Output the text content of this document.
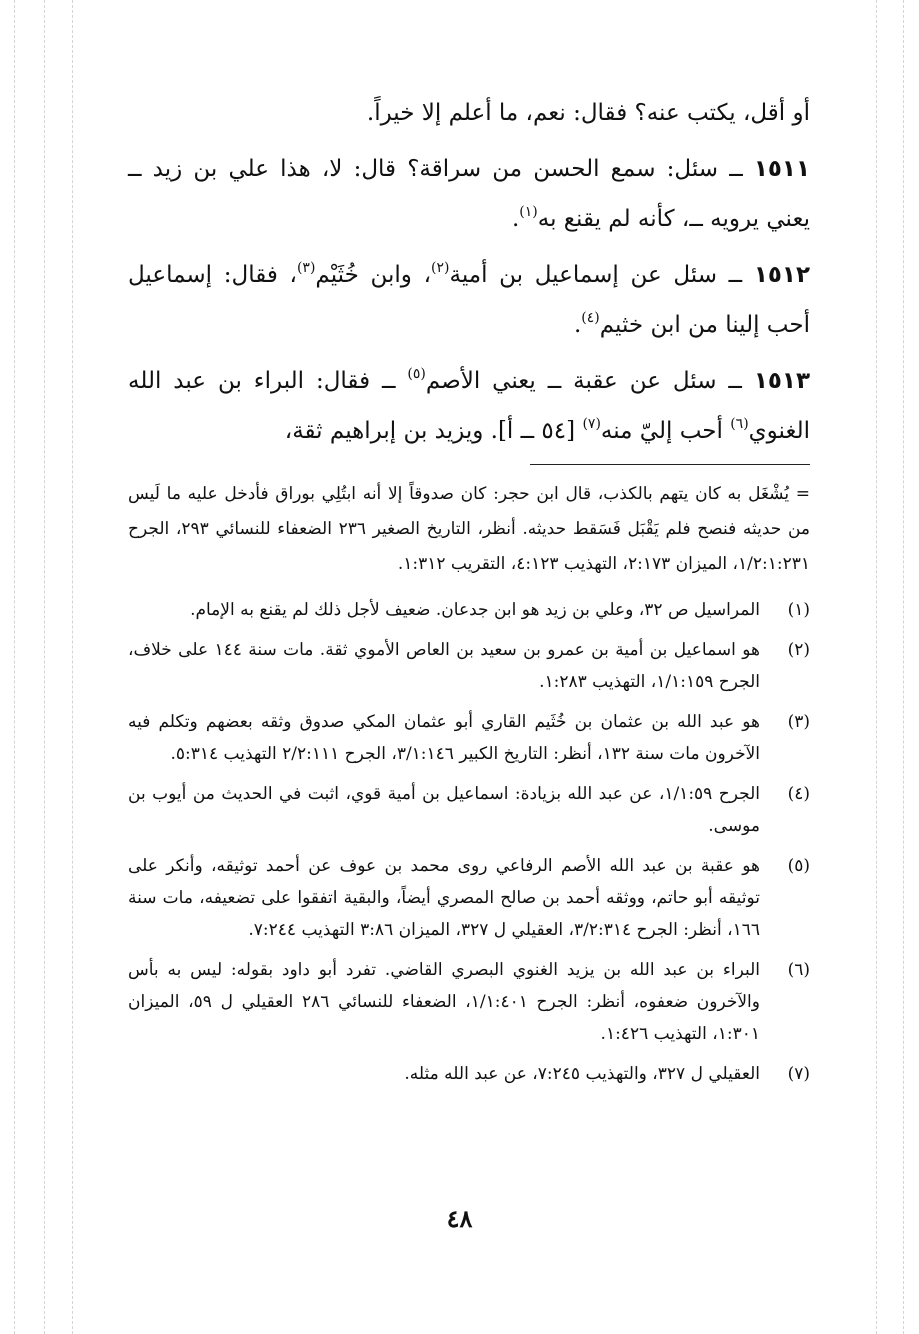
أو أقل، يكتب عنه؟ فقال: نعم، ما أعلم إلا خيراً.
١٥١١ ــ سئل: سمع الحسن من سراقة؟ قال: لا، هذا علي بن زيد ــ يعني يرويه ــ، كأنه لم يقنع به$^{(١)}$.
١٥١٢ ــ سئل عن إسماعيل بن أمية$^{(٢)}$، وابن خُثَيْم$^{(٣)}$، فقال: إسماعيل أحب إلينا من ابن خثيم$^{(٤)}$.
١٥١٣ ــ سئل عن عقبة ــ يعني الأصم$^{(٥)}$ ــ فقال: البراء بن عبد الله الغنوي$^{(٦)}$ أحب إليّ منه$^{(٧)}$ [٥٤ ــ أ]. ويزيد بن إبراهيم ثقة،
= يُشْغَل به كان يتهم بالكذب، قال ابن حجر: كان صدوقاً إلا أنه ابتُلِي بوراق فأدخل عليه ما لَيس من حديثه فنصح فلم يَقْبَل فَسَقط حديثه. أنظر، التاريخ الصغير ٢٣٦ الضعفاء للنسائي ٢٩٣، الجرح ١/٢:١:٢٣١، الميزان ٢:١٧٣، التهذيب ٤:١٢٣، التقريب ١:٣١٢.
(١)
المراسيل ص ٣٢، وعلي بن زيد هو ابن جدعان. ضعيف لأجل ذلك لم يقنع به الإمام.
(٢)
هو اسماعيل بن أمية بن عمرو بن سعيد بن العاص الأموي ثقة. مات سنة ١٤٤ على خلاف، الجرح ١/١:١٥٩، التهذيب ١:٢٨٣.
(٣)
هو عبد الله بن عثمان بن خُثَيم القاري أبو عثمان المكي صدوق وثقه بعضهم وتكلم فيه الآخرون مات سنة ١٣٢، أنظر: التاريخ الكبير ٣/١:١٤٦، الجرح ٢/٢:١١١ التهذيب ٥:٣١٤.
(٤)
الجرح ١/١:٥٩، عن عبد الله بزيادة: اسماعيل بن أمية قوي، اثبت في الحديث من أيوب بن موسى.
(٥)
هو عقبة بن عبد الله الأصم الرفاعي روى محمد بن عوف عن أحمد توثيقه، وأنكر على توثيقه أبو حاتم، ووثقه أحمد بن صالح المصري أيضاً، والبقية اتفقوا على تضعيفه، مات سنة ١٦٦، أنظر: الجرح ٣/٢:٣١٤، العقيلي ل ٣٢٧، الميزان ٣:٨٦ التهذيب ٧:٢٤٤.
(٦)
البراء بن عبد الله بن يزيد الغنوي البصري القاضي. تفرد أبو داود بقوله: ليس به بأس والآخرون ضعفوه، أنظر: الجرح ١/١:٤٠١، الضعفاء للنسائي ٢٨٦ العقيلي ل ٥٩، الميزان ١:٣٠١، التهذيب ١:٤٢٦.
(٧)
العقيلي ل ٣٢٧، والتهذيب ٧:٢٤٥، عن عبد الله مثله.
٤٨
